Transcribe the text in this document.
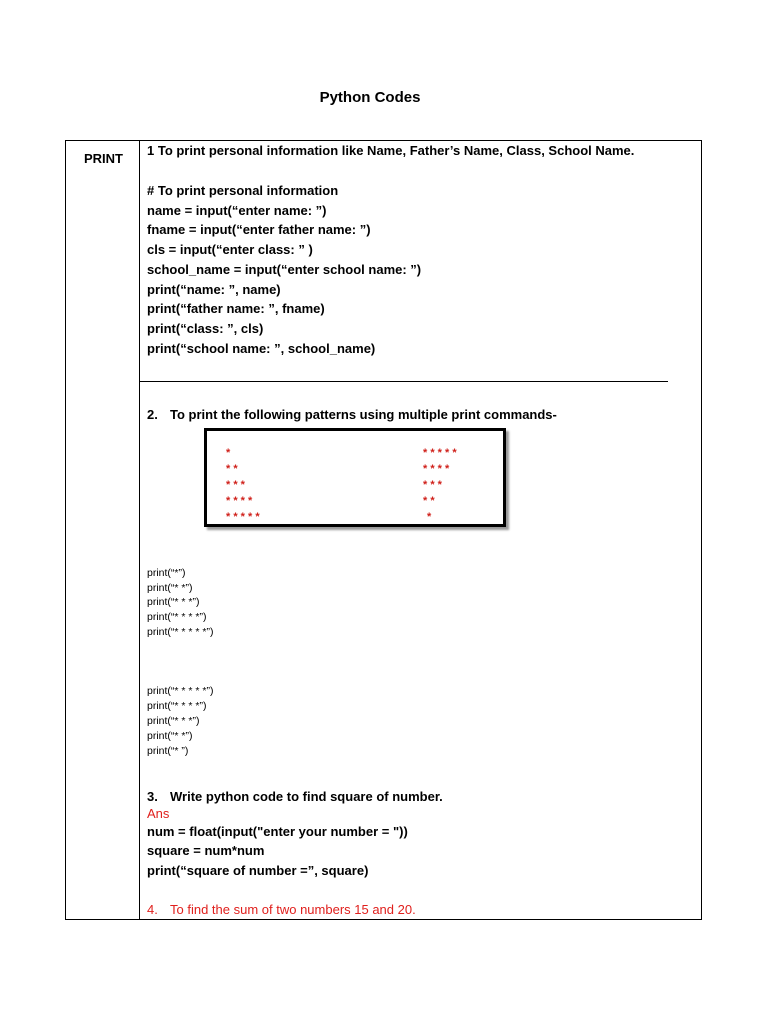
Python Codes
PRINT
1 To print personal information like Name, Father’s Name, Class, School Name.
# To print personal information
name = input(“enter name: ”)
fname = input(“enter father name: ”)
cls = input(“enter class: ” )
school_name = input(“enter school name: ”)
print(“name: ”, name)
print(“father name: ”, fname)
print(“class: ”, cls)
print(“school name: ”, school_name)
2. To print the following patterns using multiple print commands-
*
* *
* * *
* * * *
* * * * *
* * * * *
* * * *
* * *
* *
*
print(“*”)
print(“* *”)
print(“* * *”)
print(“* * * *”)
print(“* * * * *”)
print(“* * * * *”)
print(“* * * *”)
print(“* * *”)
print(“* *”)
print(“* ”)
3. Write python code to find square of number.
Ans
num = float(input("enter your number = "))
square = num*num
print(“square of number =”, square)
4. To find the sum of two numbers 15 and 20.
